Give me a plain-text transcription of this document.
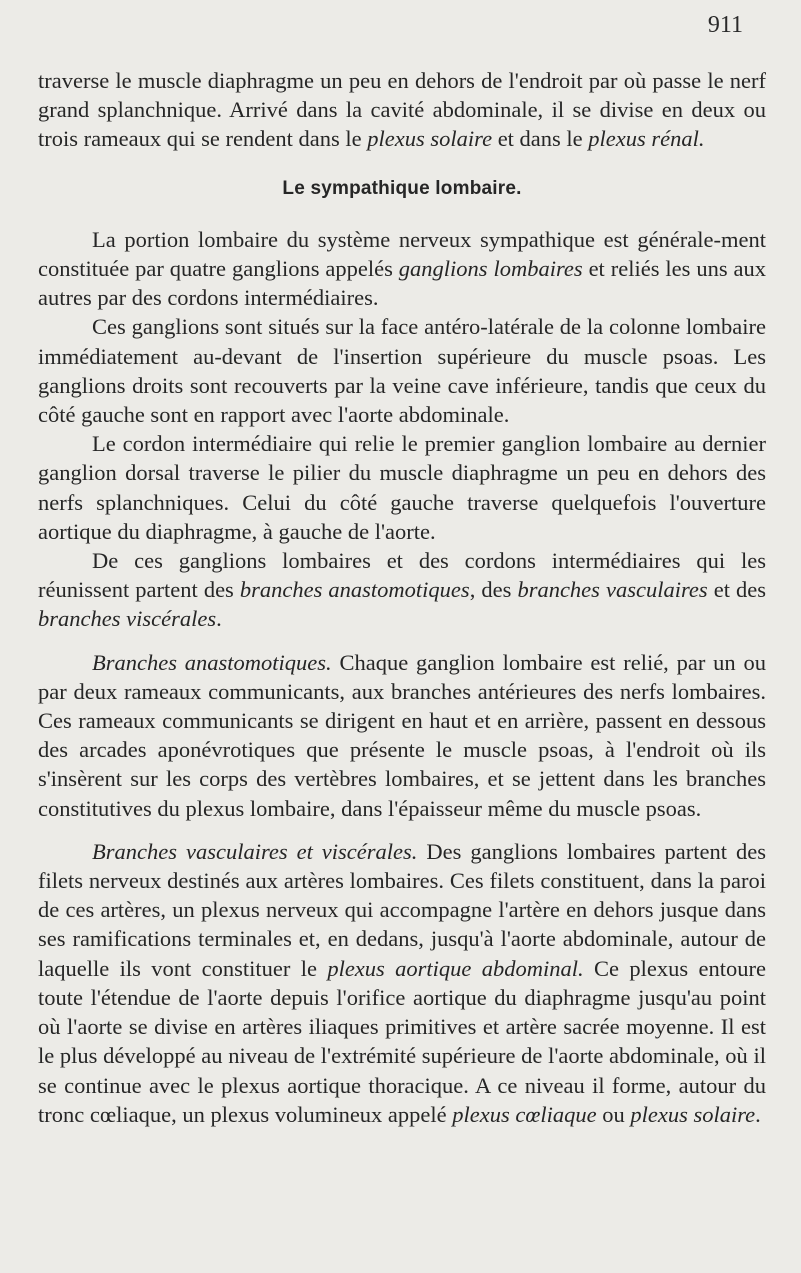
911

traverse le muscle diaphragme un peu en dehors de l'endroit par où passe le nerf grand splanchnique. Arrivé dans la cavité abdominale, il se divise en deux ou trois rameaux qui se rendent dans le plexus solaire et dans le plexus rénal.

Le sympathique lombaire.

La portion lombaire du système nerveux sympathique est générale-ment constituée par quatre ganglions appelés ganglions lombaires et reliés les uns aux autres par des cordons intermédiaires.

Ces ganglions sont situés sur la face antéro-latérale de la colonne lombaire immédiatement au-devant de l'insertion supérieure du muscle psoas. Les ganglions droits sont recouverts par la veine cave inférieure, tandis que ceux du côté gauche sont en rapport avec l'aorte abdominale.

Le cordon intermédiaire qui relie le premier ganglion lombaire au dernier ganglion dorsal traverse le pilier du muscle diaphragme un peu en dehors des nerfs splanchniques. Celui du côté gauche traverse quelquefois l'ouverture aortique du diaphragme, à gauche de l'aorte.

De ces ganglions lombaires et des cordons intermédiaires qui les réunissent partent des branches anastomotiques, des branches vasculaires et des branches viscérales.

Branches anastomotiques. Chaque ganglion lombaire est relié, par un ou par deux rameaux communicants, aux branches antérieures des nerfs lombaires. Ces rameaux communicants se dirigent en haut et en arrière, passent en dessous des arcades aponévrotiques que présente le muscle psoas, à l'endroit où ils s'insèrent sur les corps des vertèbres lombaires, et se jettent dans les branches constitutives du plexus lombaire, dans l'épaisseur même du muscle psoas.

Branches vasculaires et viscérales. Des ganglions lombaires partent des filets nerveux destinés aux artères lombaires. Ces filets constituent, dans la paroi de ces artères, un plexus nerveux qui accompagne l'artère en dehors jusque dans ses ramifications terminales et, en dedans, jusqu'à l'aorte abdominale, autour de laquelle ils vont constituer le plexus aortique abdominal. Ce plexus entoure toute l'étendue de l'aorte depuis l'orifice aortique du diaphragme jusqu'au point où l'aorte se divise en artères iliaques primitives et artère sacrée moyenne. Il est le plus développé au niveau de l'extrémité supérieure de l'aorte abdominale, où il se continue avec le plexus aortique thoracique. A ce niveau il forme, autour du tronc cœliaque, un plexus volumineux appelé plexus cœliaque ou plexus solaire.
